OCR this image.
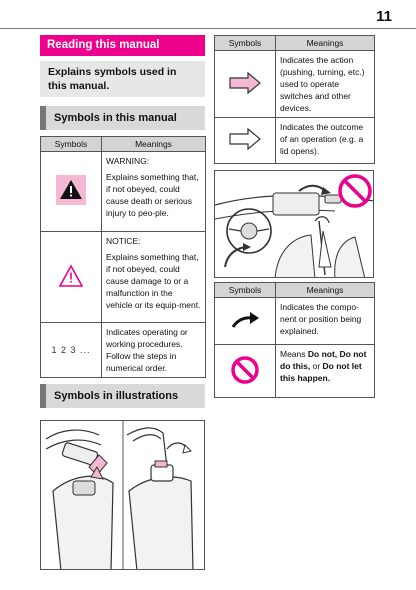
11
Reading this manual
Explains symbols used in this manual.
Symbols in this manual
Symbols	Meanings

WARNING:
Explains something that, if not obeyed, could cause death or serious injury to peo-ple.

NOTICE:
Explains something that, if not obeyed, could cause damage to or a malfunction in the vehicle or its equip-ment.

1 2 3 ...	Indicates operating or working procedures. Follow the steps in numerical order.
Symbols in illustrations
Symbols	Meanings
	Indicates the action (pushing, turning, etc.) used to operate switches and other devices.
	Indicates the outcome of an operation (e.g. a lid opens).
Symbols	Meanings
	Indicates the compo-nent or position being explained.
	Means Do not, Do not do this, or Do not let this happen.
